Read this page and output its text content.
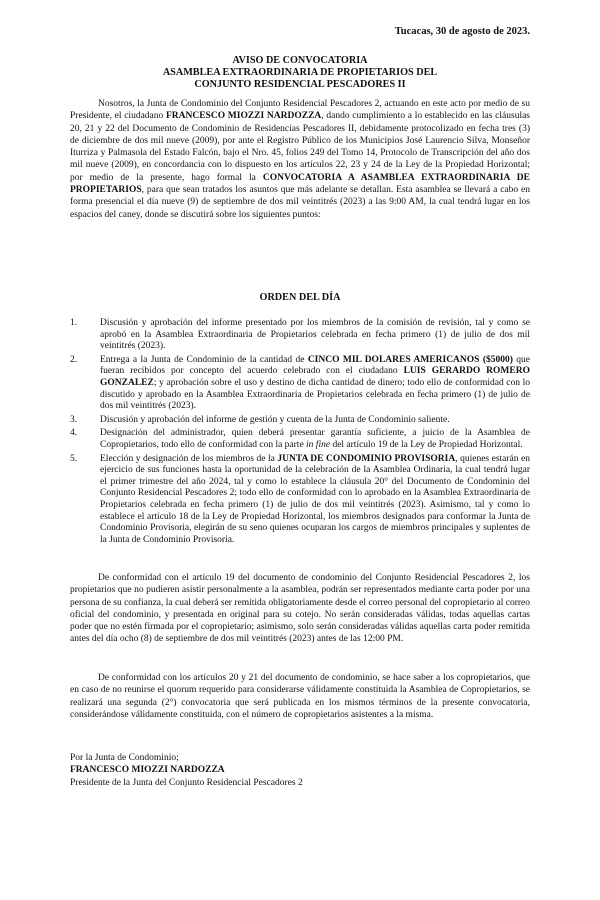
Tucacas, 30 de agosto de 2023.
AVISO DE CONVOCATORIA
ASAMBLEA EXTRAORDINARIA DE PROPIETARIOS DEL
CONJUNTO RESIDENCIAL PESCADORES II

Nosotros, la Junta de Condominio del Conjunto Residencial Pescadores 2, actuando en este acto por medio de su Presidente, el ciudadano FRANCESCO MIOZZI NARDOZZA, dando cumplimiento a lo establecido en las cláusulas 20, 21 y 22 del Documento de Condominio de Residencias Pescadores II, debidamente protocolizado en fecha tres (3) de diciembre de dos mil nueve (2009), por ante el Registro Público de los Municipios José Laurencio Silva, Monseñor Iturriza y Palmasola del Estado Falcón, bajo el Nro. 45, folios 249 del Tomo 14, Protocolo de Transcripción del año dos mil nueve (2009), en concordancia con lo dispuesto en los artículos 22, 23 y 24 de la Ley de la Propiedad Horizontal; por medio de la presente, hago formal la CONVOCATORIA A ASAMBLEA EXTRAORDINARIA DE PROPIETARIOS, para que sean tratados los asuntos que más adelante se detallan. Esta asamblea se llevará a cabo en forma presencial el día nueve (9) de septiembre de dos mil veintitrés (2023) a las 9:00 AM, la cual tendrá lugar en los espacios del caney, donde se discutirá sobre los siguientes puntos:

ORDEN DEL DÍA
1.	Discusión y aprobación del informe presentado por los miembros de la comisión de revisión, tal y como se aprobó en la Asamblea Extraordinaria de Propietarios celebrada en fecha primero (1) de julio de dos mil veintitrés (2023).
2.	Entrega a la Junta de Condominio de la cantidad de CINCO MIL DOLARES AMERICANOS ($5000) que fueran recibidos por concepto del acuerdo celebrado con el ciudadano LUIS GERARDO ROMERO GONZALEZ; y aprobación sobre el uso y destino de dicha cantidad de dinero; todo ello de conformidad con lo discutido y aprobado en la Asamblea Extraordinaria de Propietarios celebrada en fecha primero (1) de julio de dos mil veintitrés (2023).
3.	Discusión y aprobación del informe de gestión y cuenta de la Junta de Condominio saliente.
4.	Designación del administrador, quien deberá presentar garantía suficiente, a juicio de la Asamblea de Copropietarios, todo ello de conformidad con la parte in fine del artículo 19 de la Ley de Propiedad Horizontal.
5.	Elección y designación de los miembros de la JUNTA DE CONDOMINIO PROVISORIA, quienes estarán en ejercicio de sus funciones hasta la oportunidad de la celebración de la Asamblea Ordinaria, la cual tendrá lugar el primer trimestre del año 2024, tal y como lo establece la cláusula 20° del Documento de Condominio del Conjunto Residencial Pescadores 2; todo ello de conformidad con lo aprobado en la Asamblea Extraordinaria de Propietarios celebrada en fecha primero (1) de julio de dos mil veintitrés (2023). Asimismo, tal y como lo establece el artículo 18 de la Ley de Propiedad Horizontal, los miembros designados para conformar la Junta de Condominio Provisoria, elegirán de su seno quienes ocuparan los cargos de miembros principales y suplentes de la Junta de Condominio Provisoria.

De conformidad con el artículo 19 del documento de condominio del Conjunto Residencial Pescadores 2, los propietarios que no pudieren asistir personalmente a la asamblea, podrán ser representados mediante carta poder por una persona de su confianza, la cual deberá ser remitida obligatoriamente desde el correo personal del copropietario al correo oficial del condominio, y presentada en original para su cotejo. No serán consideradas válidas, todas aquellas cartas poder que no estén firmada por el copropietario; asimismo, solo serán consideradas válidas aquellas carta poder remitida antes del día ocho (8) de septiembre de dos mil veintitrés (2023) antes de las 12:00 PM.

De conformidad con los artículos 20 y 21 del documento de condominio, se hace saber a los copropietarios, que en caso de no reunirse el quorum requerido para considerarse válidamente constituida la Asamblea de Copropietarios, se realizará una segunda (2°) convocatoria que será publicada en los mismos términos de la presente convocatoria, considerándose válidamente constituida, con el número de copropietarios asistentes a la misma.

Por la Junta de Condominio;
FRANCESCO MIOZZI NARDOZZA
Presidente de la Junta del Conjunto Residencial Pescadores 2
